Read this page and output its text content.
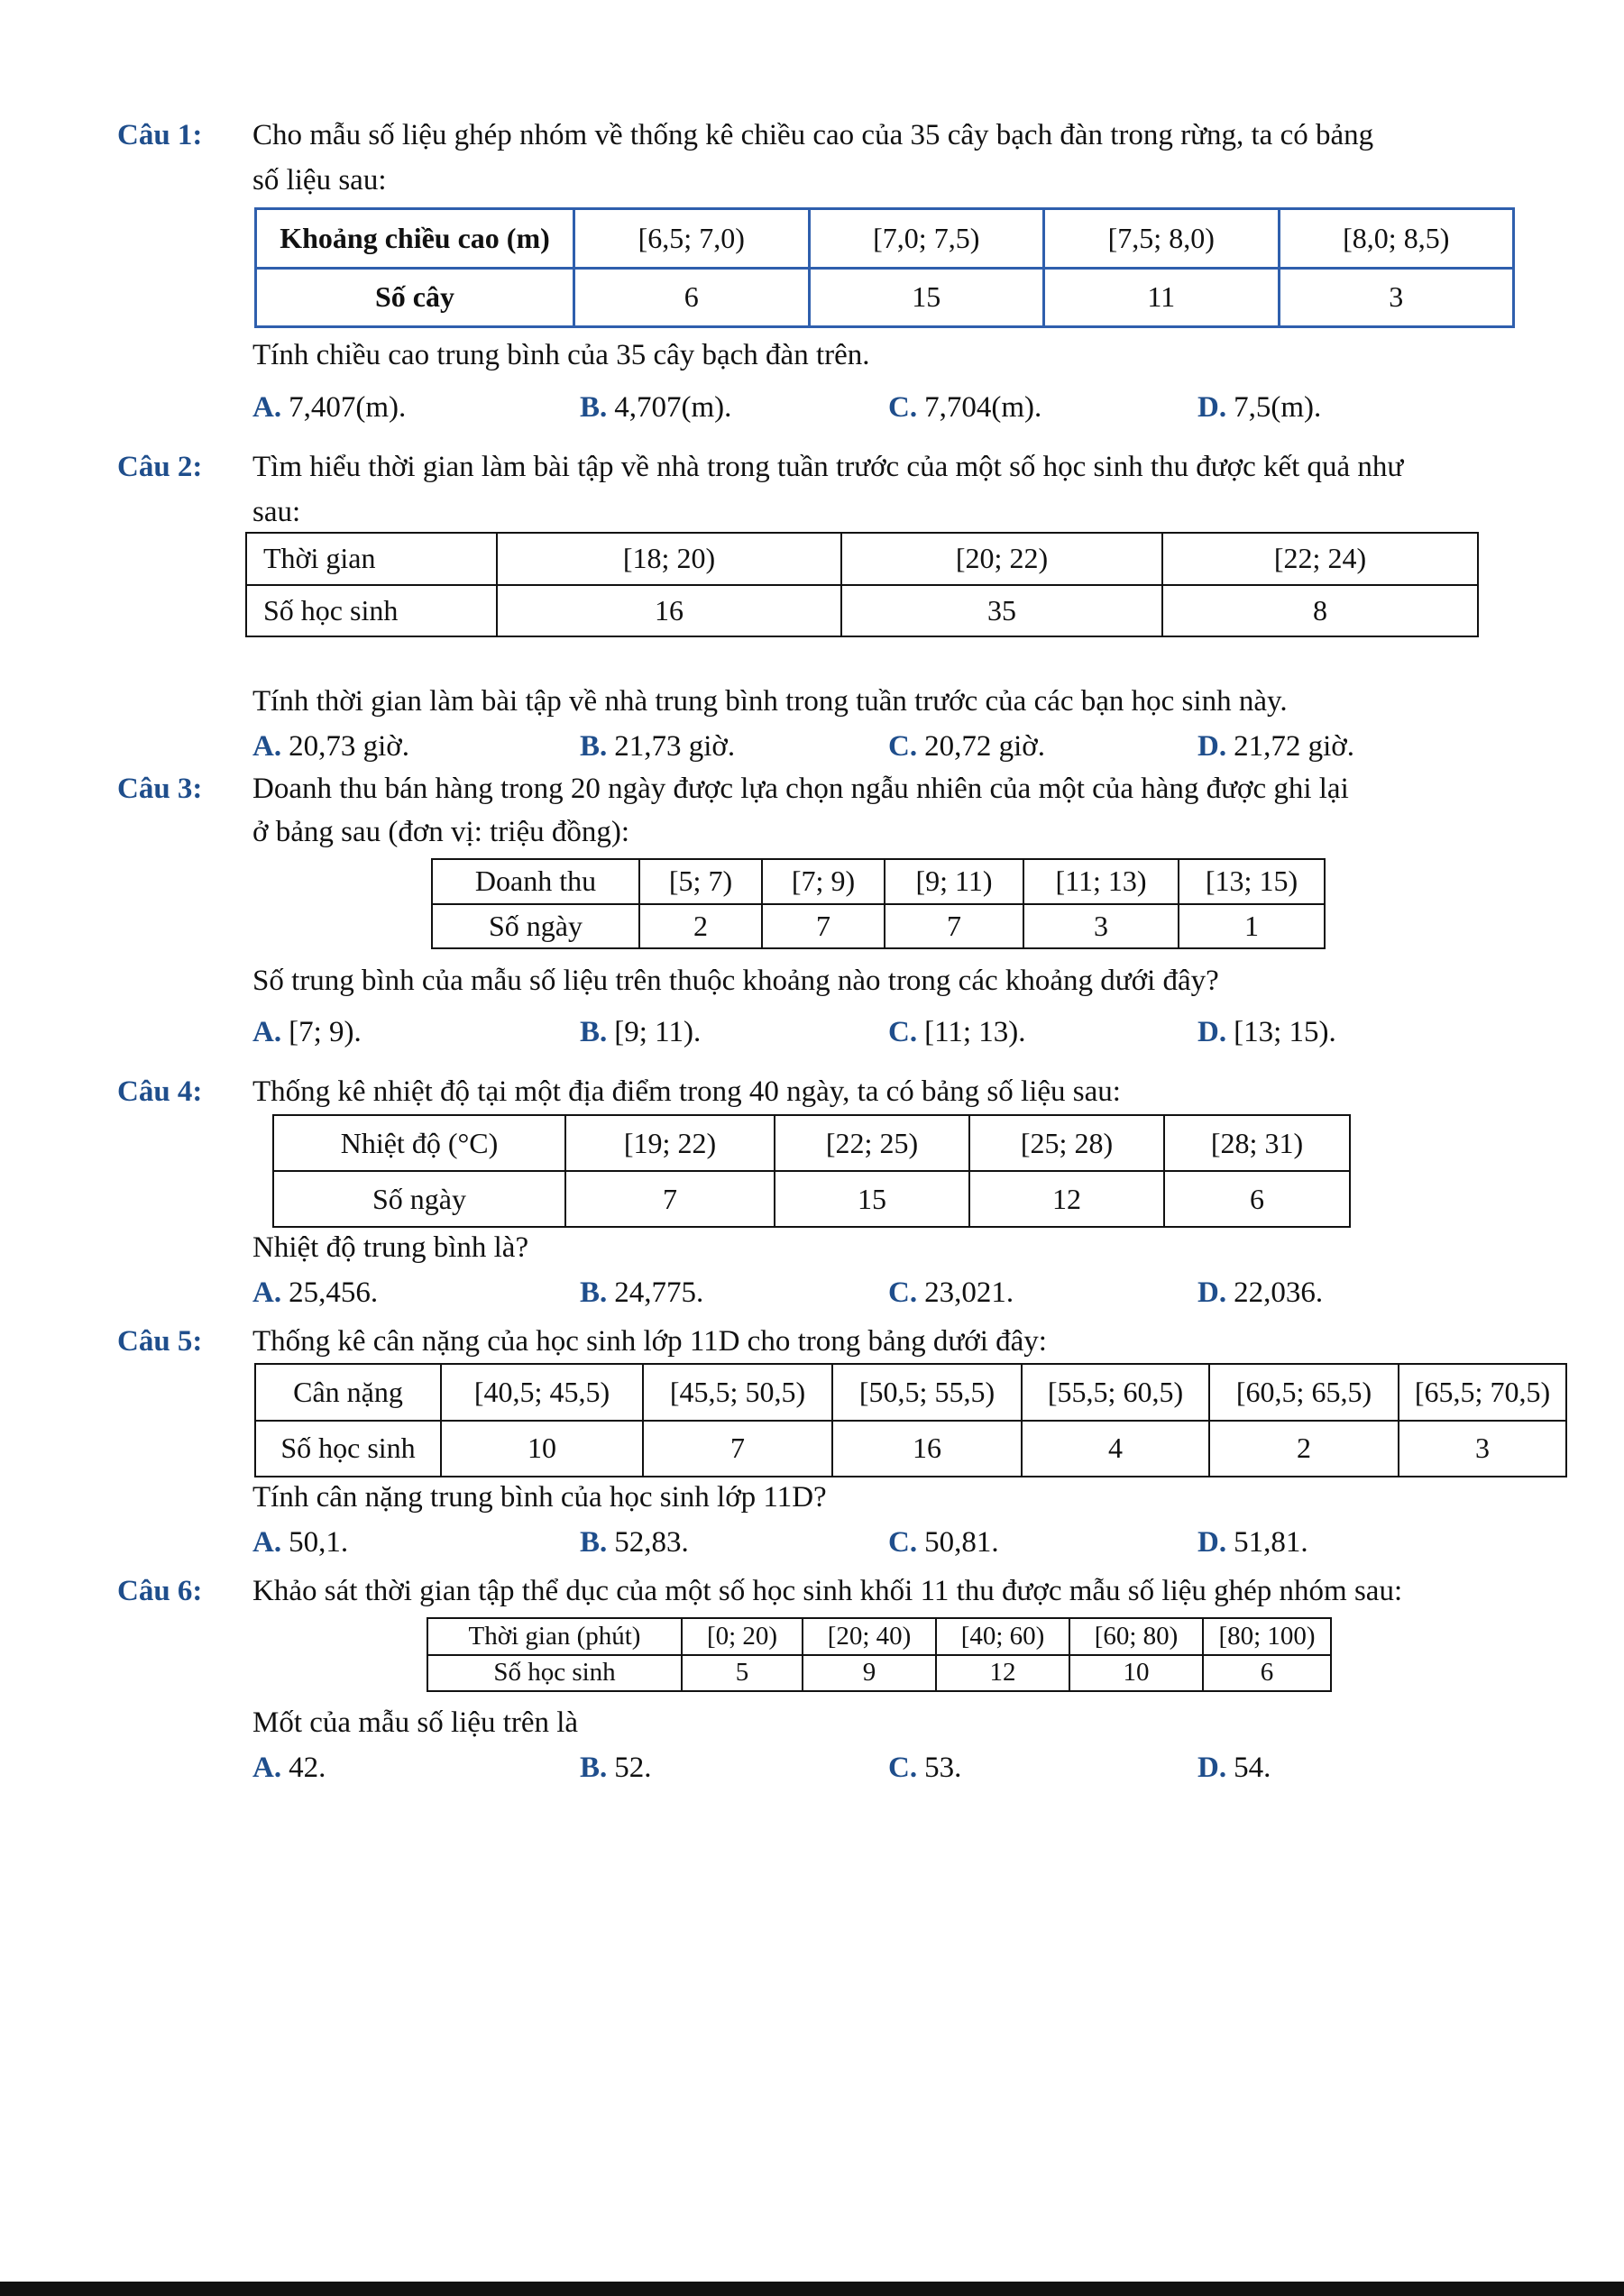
Câu 1: Cho mẫu số liệu ghép nhóm về thống kê chiều cao của 35 cây bạch đàn trong rừng, ta có bảng
số liệu sau:
Khoảng chiều cao (m)	[6,5; 7,0)	[7,0; 7,5)	[7,5; 8,0)	[8,0; 8,5)
Số cây	6	15	11	3
Tính chiều cao trung bình của 35 cây bạch đàn trên.
A. 7,407(m).	B. 4,707(m).	C. 7,704(m).	D. 7,5(m).
Câu 2: Tìm hiểu thời gian làm bài tập về nhà trong tuần trước của một số học sinh thu được kết quả như
sau:
Thời gian	[18; 20)	[20; 22)	[22; 24)
Số học sinh	16	35	8
Tính thời gian làm bài tập về nhà trung bình trong tuần trước của các bạn học sinh này.
A. 20,73 giờ.	B. 21,73 giờ.	C. 20,72 giờ.	D. 21,72 giờ.
Câu 3: Doanh thu bán hàng trong 20 ngày được lựa chọn ngẫu nhiên của một của hàng được ghi lại
ở bảng sau (đơn vị: triệu đồng):
Doanh thu	[5; 7)	[7; 9)	[9; 11)	[11; 13)	[13; 15)
Số ngày	2	7	7	3	1
Số trung bình của mẫu số liệu trên thuộc khoảng nào trong các khoảng dưới đây?
A. [7; 9).	B. [9; 11).	C. [11; 13).	D. [13; 15).
Câu 4: Thống kê nhiệt độ tại một địa điểm trong 40 ngày, ta có bảng số liệu sau:
Nhiệt độ (°C)	[19; 22)	[22; 25)	[25; 28)	[28; 31)
Số ngày	7	15	12	6
Nhiệt độ trung bình là?
A. 25,456.	B. 24,775.	C. 23,021.	D. 22,036.
Câu 5: Thống kê cân nặng của học sinh lớp 11D cho trong bảng dưới đây:
Cân nặng	[40,5; 45,5)	[45,5; 50,5)	[50,5; 55,5)	[55,5; 60,5)	[60,5; 65,5)	[65,5; 70,5)
Số học sinh	10	7	16	4	2	3
Tính cân nặng trung bình của học sinh lớp 11D?
A. 50,1.	B. 52,83.	C. 50,81.	D. 51,81.
Câu 6: Khảo sát thời gian tập thể dục của một số học sinh khối 11 thu được mẫu số liệu ghép nhóm sau:
Thời gian (phút)	[0; 20)	[20; 40)	[40; 60)	[60; 80)	[80; 100)
Số học sinh	5	9	12	10	6
Mốt của mẫu số liệu trên là
A. 42.	B. 52.	C. 53.	D. 54.
